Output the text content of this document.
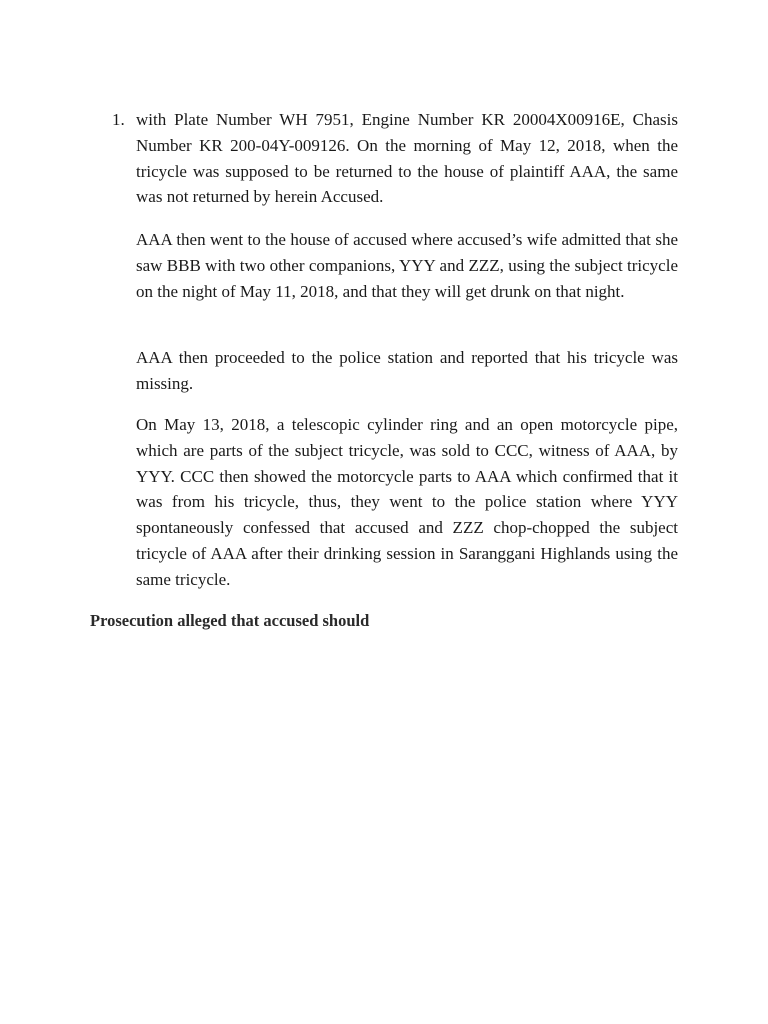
1. with Plate Number WH 7951, Engine Number KR 20004X00916E, Chasis Number KR 200-04Y-009126. On the morning of May 12, 2018, when the tricycle was supposed to be returned to the house of plaintiff AAA, the same was not returned by herein Accused.

AAA then went to the house of accused where accused’s wife admitted that she saw BBB with two other companions, YYY and ZZZ, using the subject tricycle on the night of May 11, 2018, and that they will get drunk on that night.

AAA then proceeded to the police station and reported that his tricycle was missing.

On May 13, 2018, a telescopic cylinder ring and an open motorcycle pipe, which are parts of the subject tricycle, was sold to CCC, witness of AAA, by YYY. CCC then showed the motorcycle parts to AAA which confirmed that it was from his tricycle, thus, they went to the police station where YYY spontaneously confessed that accused and ZZZ chop-chopped the subject tricycle of AAA after their drinking session in Saranggani Highlands using the same tricycle.

Prosecution alleged that accused should
